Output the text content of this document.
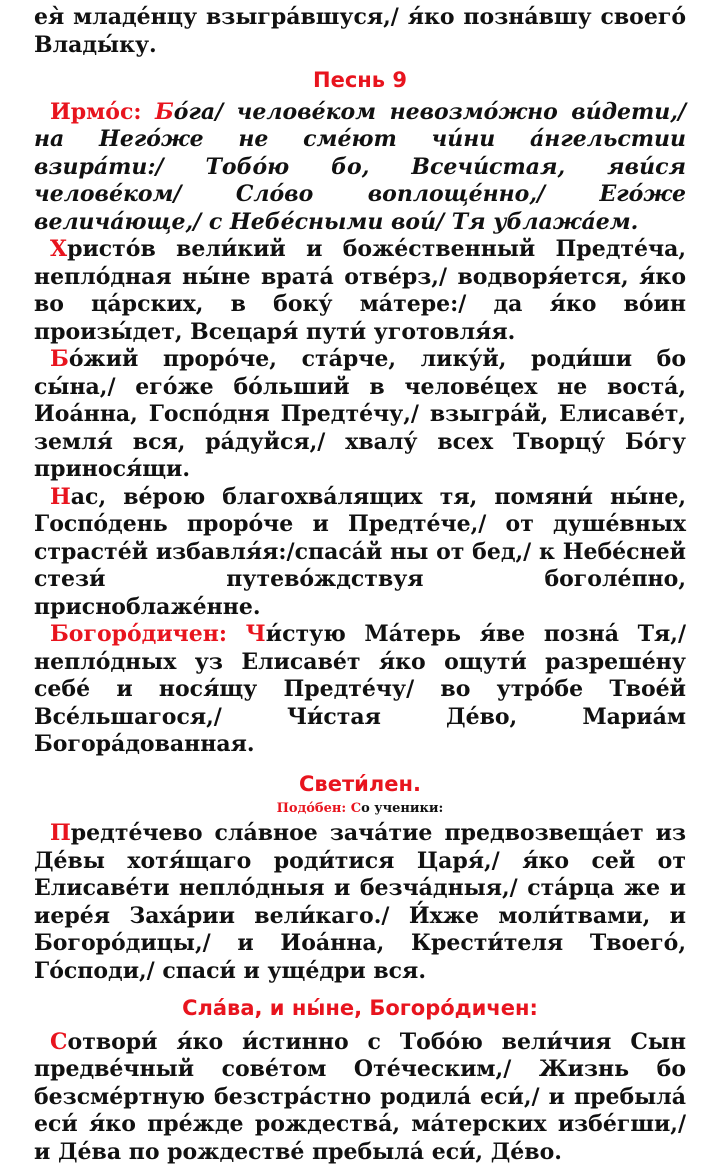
ея̀ младе́нцу взыгра́вшуся,/ я́ко позна́вшу своего́ Влады́ку.

Песнь 9

Ирмо́с: Бо́га/ челове́ком невозмо́жно ви́дети,/ на Него́же не сме́ют чи́ни а́нгельстии взира́ти:/ Тобо́ю бо, Всечи́стая, яви́ся челове́ком/ Сло́во воплоще́нно,/ Его́же велича́юще,/ с Небе́сными вои́/ Тя ублажа́ем.

Христо́в вели́кий и боже́ственный Предте́ча, непло́дная ны́не врата́ отве́рз,/ водворя́ется, я́ко во ца́рских, в боку́ ма́тере:/ да я́ко во́ин произы́дет, Всецаря́ пути́ уготовля́я.

Бо́жий проро́че, ста́рче, лику́й, роди́ши бо сы́на,/ его́же бо́льший в челове́цех не воста́, Иоа́нна, Госпо́дня Предте́чу,/ взыгра́й, Елисаве́т, земля́ вся, ра́дуйся,/ хвалу́ всех Творцу́ Бо́гу принося́щи.

Нас, ве́рою благохва́лящих тя, помяни́ ны́не, Госпо́день проро́че и Предте́че,/ от душе́вных страсте́й избавля́я:/спаса́й ны от бед,/ к Небе́сней стези́ путево́ждствуя боголе́пно, присноблаже́нне.

Богоро́дичен: Чи́стую Ма́терь я́ве позна́ Тя,/ непло́дных уз Елисаве́т я́ко ощути́ разреше́ну себе́ и нося́щу Предте́чу/ во утро́бе Твое́й Все́льшагося,/ Чи́стая Де́во, Мариа́м Богора́дованная.

Свети́лен.
Подо́бен: Со ученики:

Предте́чево сла́вное зача́тие предвозвеща́ет из Де́вы хотя́щаго роди́тися Царя́,/ я́ко сей от Елисаве́ти непло́дныя и безча́дныя,/ ста́рца же и иере́я Заха́рии вели́каго./ И́хже моли́твами, и Богоро́дицы,/ и Иоа́нна, Крести́теля Твоего́, Го́споди,/ спаси́ и уще́дри вся.

Сла́ва, и ны́не, Богоро́дичен:

Сотвори́ я́ко и́стинно с Тобо́ю вели́чия Сын предве́чный сове́том Оте́ческим,/ Жизнь бо безсме́ртную безстра́стно родила́ еси́,/ и пребыла́ еси́ я́ко пре́жде рождества́, ма́терских избе́гши,/ и Де́ва по рождестве́ пребыла́ еси́, Де́во.
